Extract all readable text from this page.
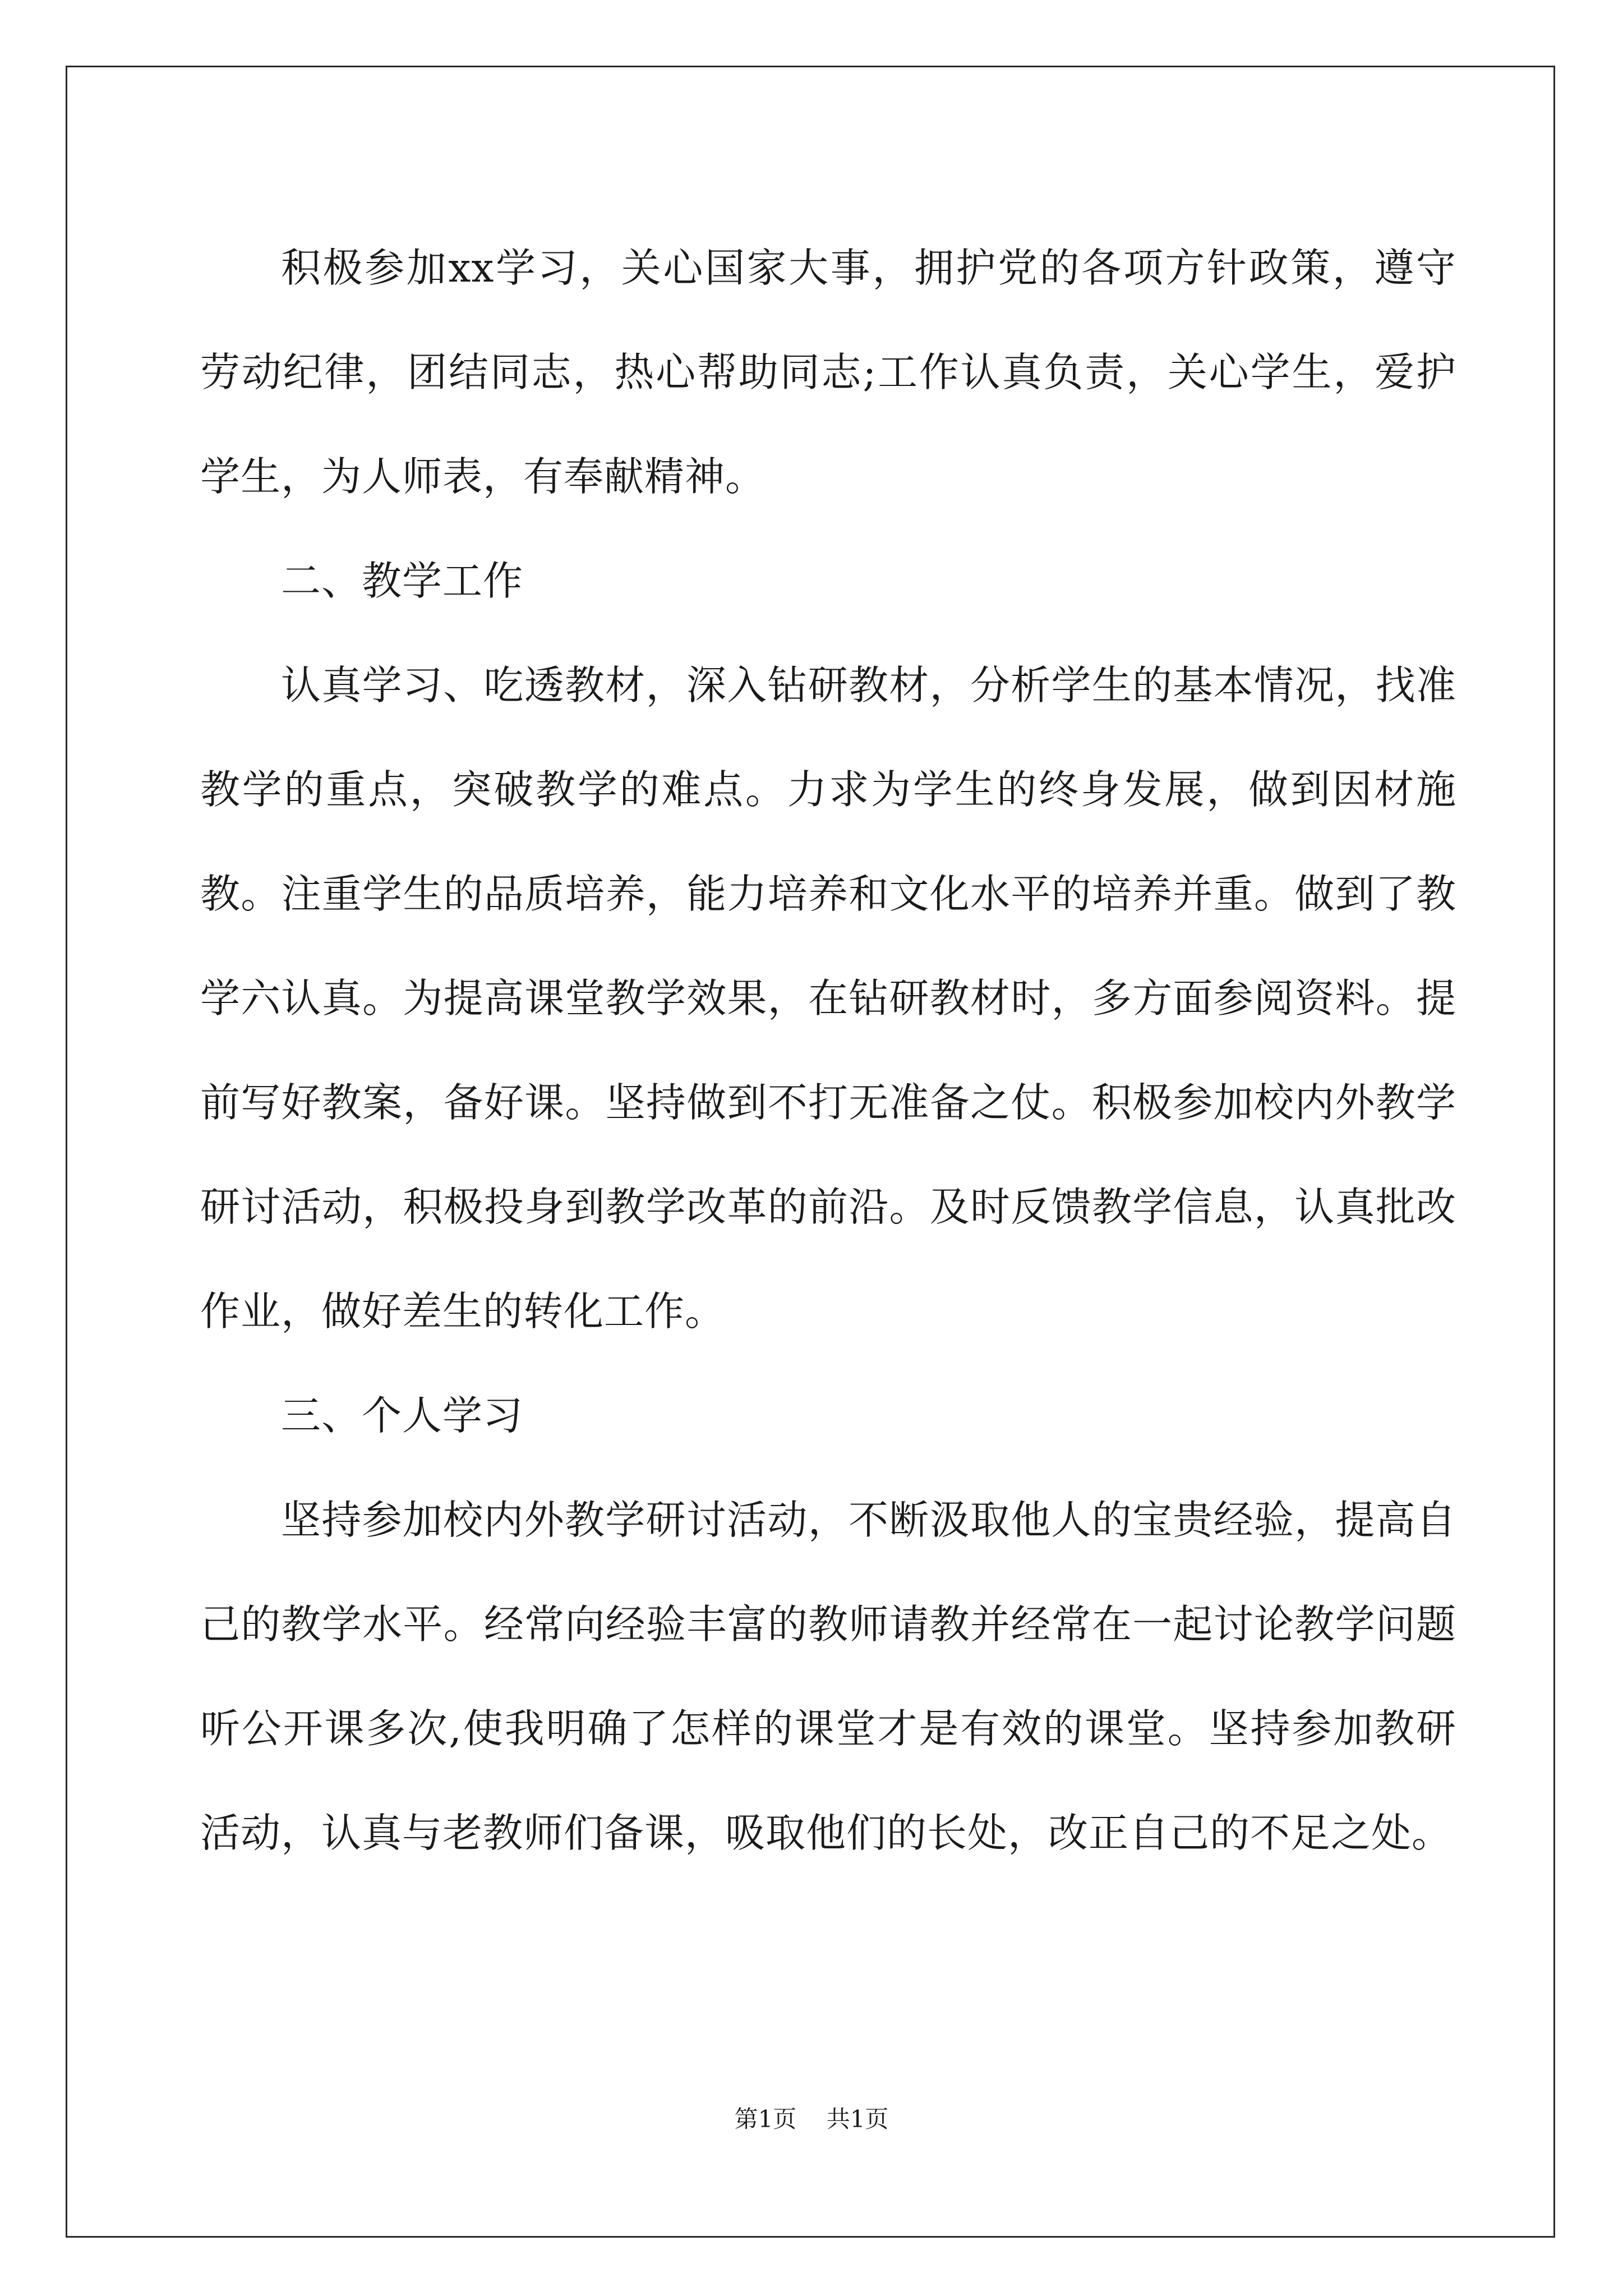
积极参加xx学习，关心国家大事，拥护党的各项方针政策，遵守劳动纪律，团结同志，热心帮助同志;工作认真负责，关心学生，爱护学生，为人师表，有奉献精神。

二、教学工作

认真学习、吃透教材，深入钻研教材，分析学生的基本情况，找准教学的重点，突破教学的难点。力求为学生的终身发展，做到因材施教。注重学生的品质培养，能力培养和文化水平的培养并重。做到了教学六认真。为提高课堂教学效果，在钻研教材时，多方面参阅资料。提前写好教案，备好课。坚持做到不打无准备之仗。积极参加校内外教学研讨活动，积极投身到教学改革的前沿。及时反馈教学信息，认真批改作业，做好差生的转化工作。

三、个人学习

坚持参加校内外教学研讨活动，不断汲取他人的宝贵经验，提高自己的教学水平。经常向经验丰富的教师请教并经常在一起讨论教学问题听公开课多次,使我明确了怎样的课堂才是有效的课堂。坚持参加教研活动，认真与老教师们备课，吸取他们的长处，改正自己的不足之处。

第1页 共1页
